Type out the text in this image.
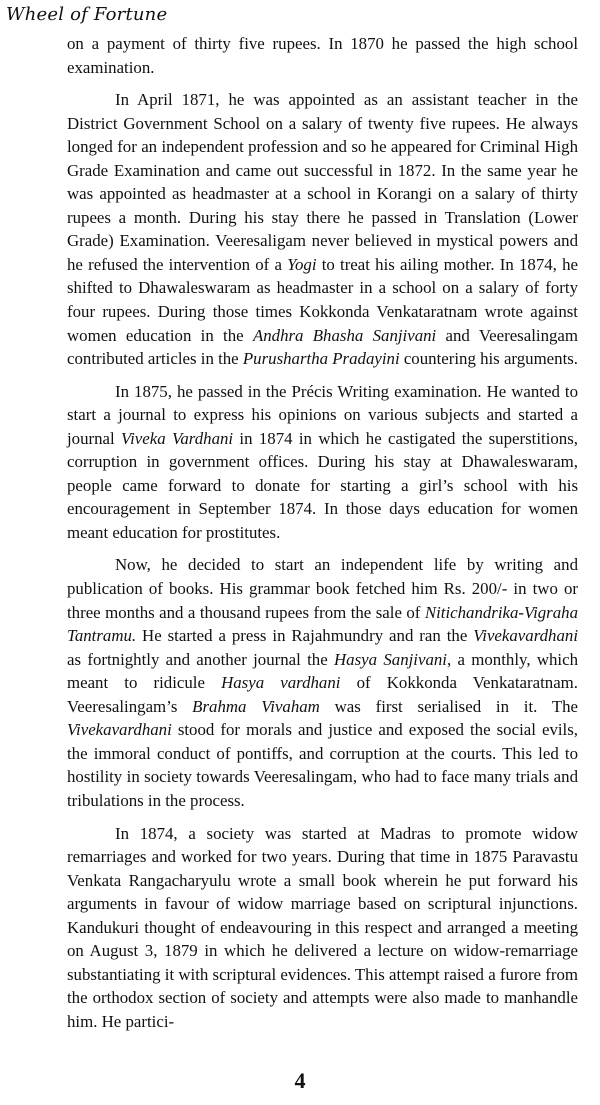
Wheel of Fortune

on a payment of thirty five rupees. In 1870 he passed the high school examination.

In April 1871, he was appointed as an assistant teacher in the District Government School on a salary of twenty five rupees. He always longed for an independent profession and so he appeared for Criminal High Grade Examination and came out successful in 1872. In the same year he was appointed as headmaster at a school in Korangi on a salary of thirty rupees a month. During his stay there he passed in Translation (Lower Grade) Examination. Veeresaligam never believed in mystical powers and he refused the intervention of a Yogi to treat his ailing mother. In 1874, he shifted to Dhawaleswaram as headmaster in a school on a salary of forty four rupees. During those times Kokkonda Venkataratnam wrote against women education in the Andhra Bhasha Sanjivani and Veeresalingam contributed articles in the Purushartha Pradayini countering his arguments.

In 1875, he passed in the Précis Writing examination. He wanted to start a journal to express his opinions on various subjects and started a journal Viveka Vardhani in 1874 in which he castigated the superstitions, corruption in government offices. During his stay at Dhawaleswaram, people came forward to donate for starting a girl’s school with his encouragement in September 1874. In those days education for women meant education for prostitutes.

Now, he decided to start an independent life by writing and publication of books. His grammar book fetched him Rs. 200/- in two or three months and a thousand rupees from the sale of Nitichandrika-Vigraha Tantramu. He started a press in Rajahmundry and ran the Vivekavardhani as fortnightly and another journal the Hasya Sanjivani, a monthly, which meant to ridicule Hasya vardhani of Kokkonda Venkataratnam. Veeresalingam’s Brahma Vivaham was first serialised in it. The Vivekavardhani stood for morals and justice and exposed the social evils, the immoral conduct of pontiffs, and corruption at the courts. This led to hostility in society towards Veeresalingam, who had to face many trials and tribulations in the process.

In 1874, a society was started at Madras to promote widow remarriages and worked for two years. During that time in 1875 Paravastu Venkata Rangacharyulu wrote a small book wherein he put forward his arguments in favour of widow marriage based on scriptural injunctions. Kandukuri thought of endeavouring in this respect and arranged a meeting on August 3, 1879 in which he delivered a lecture on widow-remarriage substantiating it with scriptural evidences. This attempt raised a furore from the orthodox section of society and attempts were also made to manhandle him. He partici-

4
